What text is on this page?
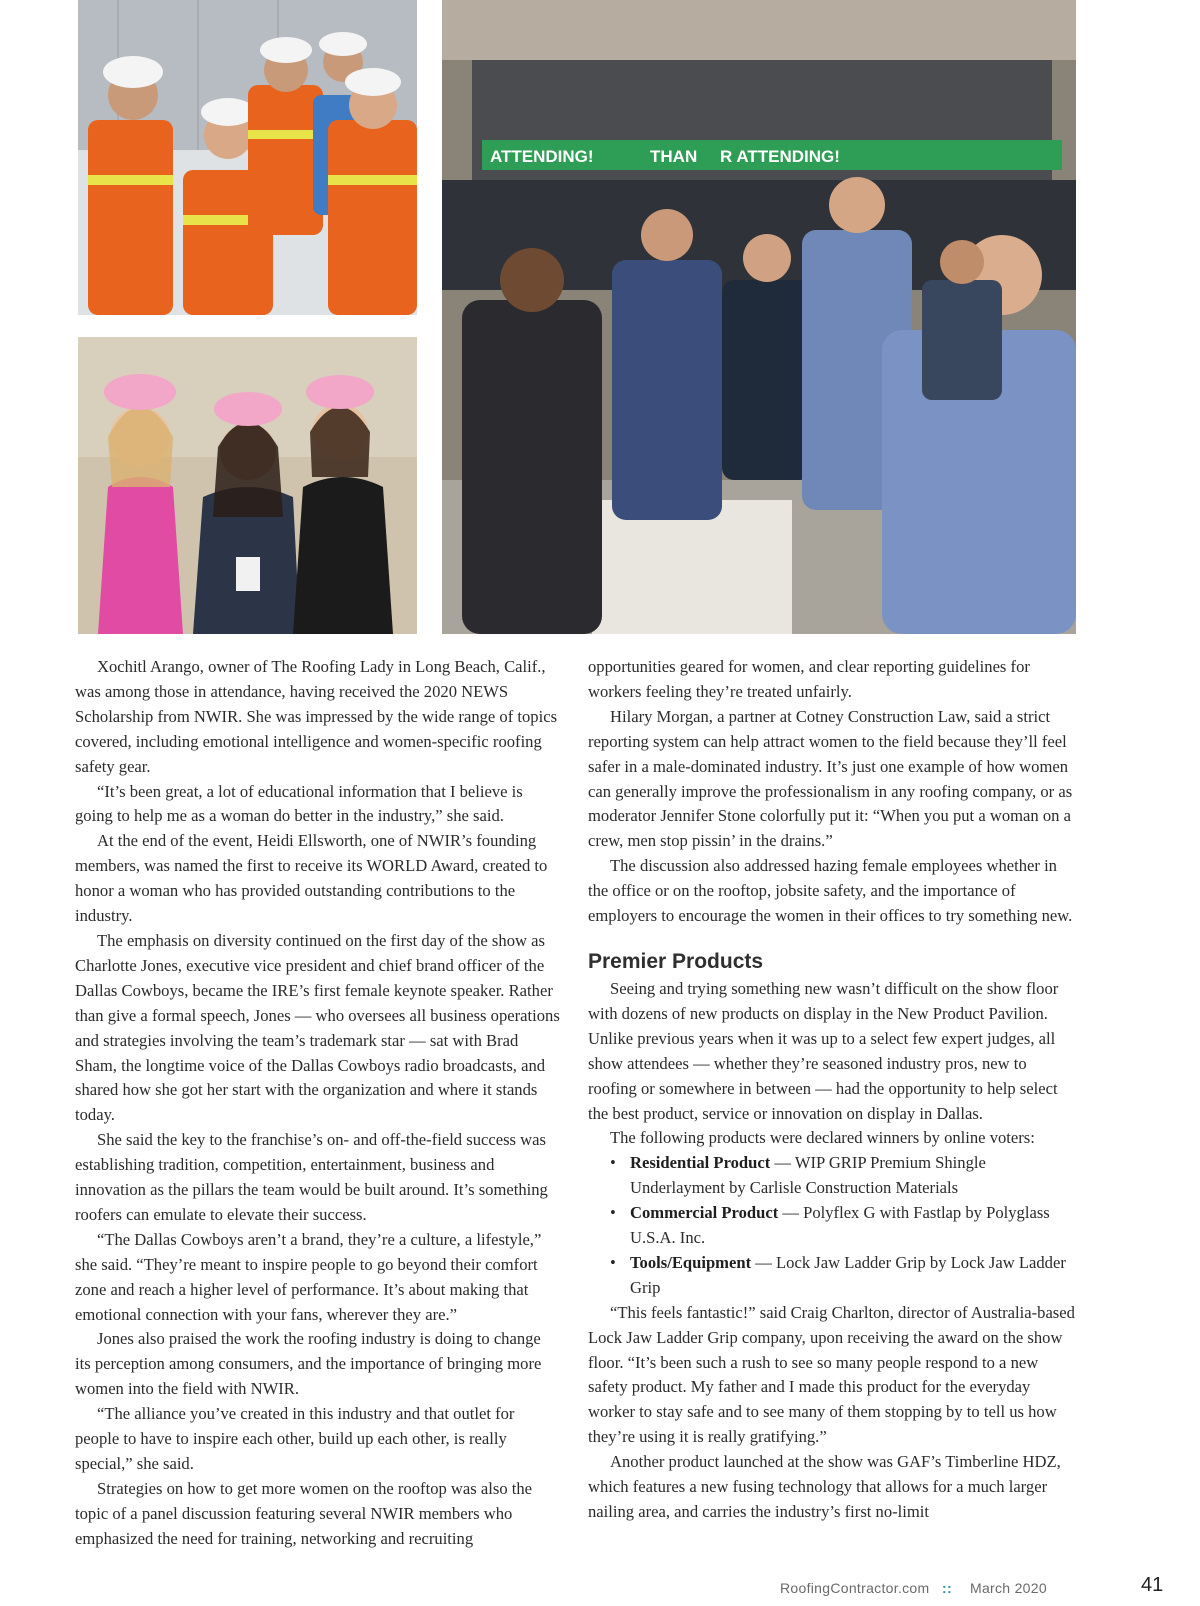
ATTENDING!	THAN R ATTENDING!

Xochitl Arango, owner of The Roofing Lady in Long Beach, Calif., was among those in attendance, having received the 2020 NEWS Scholarship from NWIR. She was impressed by the wide range of topics covered, including emotional intelligence and women-specific roofing safety gear.

“It’s been great, a lot of educational information that I believe is going to help me as a woman do better in the industry,” she said.

At the end of the event, Heidi Ellsworth, one of NWIR’s founding members, was named the first to receive its WORLD Award, created to honor a woman who has provided outstanding contributions to the industry.

The emphasis on diversity continued on the first day of the show as Charlotte Jones, executive vice president and chief brand officer of the Dallas Cowboys, became the IRE’s first female keynote speaker. Rather than give a formal speech, Jones — who oversees all business operations and strategies involving the team’s trademark star — sat with Brad Sham, the longtime voice of the Dallas Cowboys radio broadcasts, and shared how she got her start with the organization and where it stands today.

She said the key to the franchise’s on- and off-the-field success was establishing tradition, competition, entertainment, business and innovation as the pillars the team would be built around. It’s something roofers can emulate to elevate their success.

“The Dallas Cowboys aren’t a brand, they’re a culture, a lifestyle,” she said. “They’re meant to inspire people to go beyond their comfort zone and reach a higher level of performance. It’s about making that emotional connection with your fans, wherever they are.”

Jones also praised the work the roofing industry is doing to change its perception among consumers, and the importance of bringing more women into the field with NWIR.

“The alliance you’ve created in this industry and that outlet for people to have to inspire each other, build up each other, is really special,” she said.

Strategies on how to get more women on the rooftop was also the topic of a panel discussion featuring several NWIR members who emphasized the need for training, networking and recruiting

opportunities geared for women, and clear reporting guidelines for workers feeling they’re treated unfairly.

Hilary Morgan, a partner at Cotney Construction Law, said a strict reporting system can help attract women to the field because they’ll feel safer in a male-dominated industry. It’s just one example of how women can generally improve the professionalism in any roofing company, or as moderator Jennifer Stone colorfully put it: “When you put a woman on a crew, men stop pissin’ in the drains.”

The discussion also addressed hazing female employees whether in the office or on the rooftop, jobsite safety, and the importance of employers to encourage the women in their offices to try something new.

Premier Products

Seeing and trying something new wasn’t difficult on the show floor with dozens of new products on display in the New Product Pavilion. Unlike previous years when it was up to a select few expert judges, all show attendees — whether they’re seasoned industry pros, new to roofing or somewhere in between — had the opportunity to help select the best product, service or innovation on display in Dallas.

The following products were declared winners by online voters:

• Residential Product — WIP GRIP Premium Shingle Underlayment by Carlisle Construction Materials
• Commercial Product — Polyflex G with Fastlap by Polyglass U.S.A. Inc.
• Tools/Equipment — Lock Jaw Ladder Grip by Lock Jaw Ladder Grip

“This feels fantastic!” said Craig Charlton, director of Australia-based Lock Jaw Ladder Grip company, upon receiving the award on the show floor. “It’s been such a rush to see so many people respond to a new safety product. My father and I made this product for the everyday worker to stay safe and to see many of them stopping by to tell us how they’re using it is really gratifying.”

Another product launched at the show was GAF’s Timberline HDZ, which features a new fusing technology that allows for a much larger nailing area, and carries the industry’s first no-limit

RoofingContractor.com :: March 2020	41
